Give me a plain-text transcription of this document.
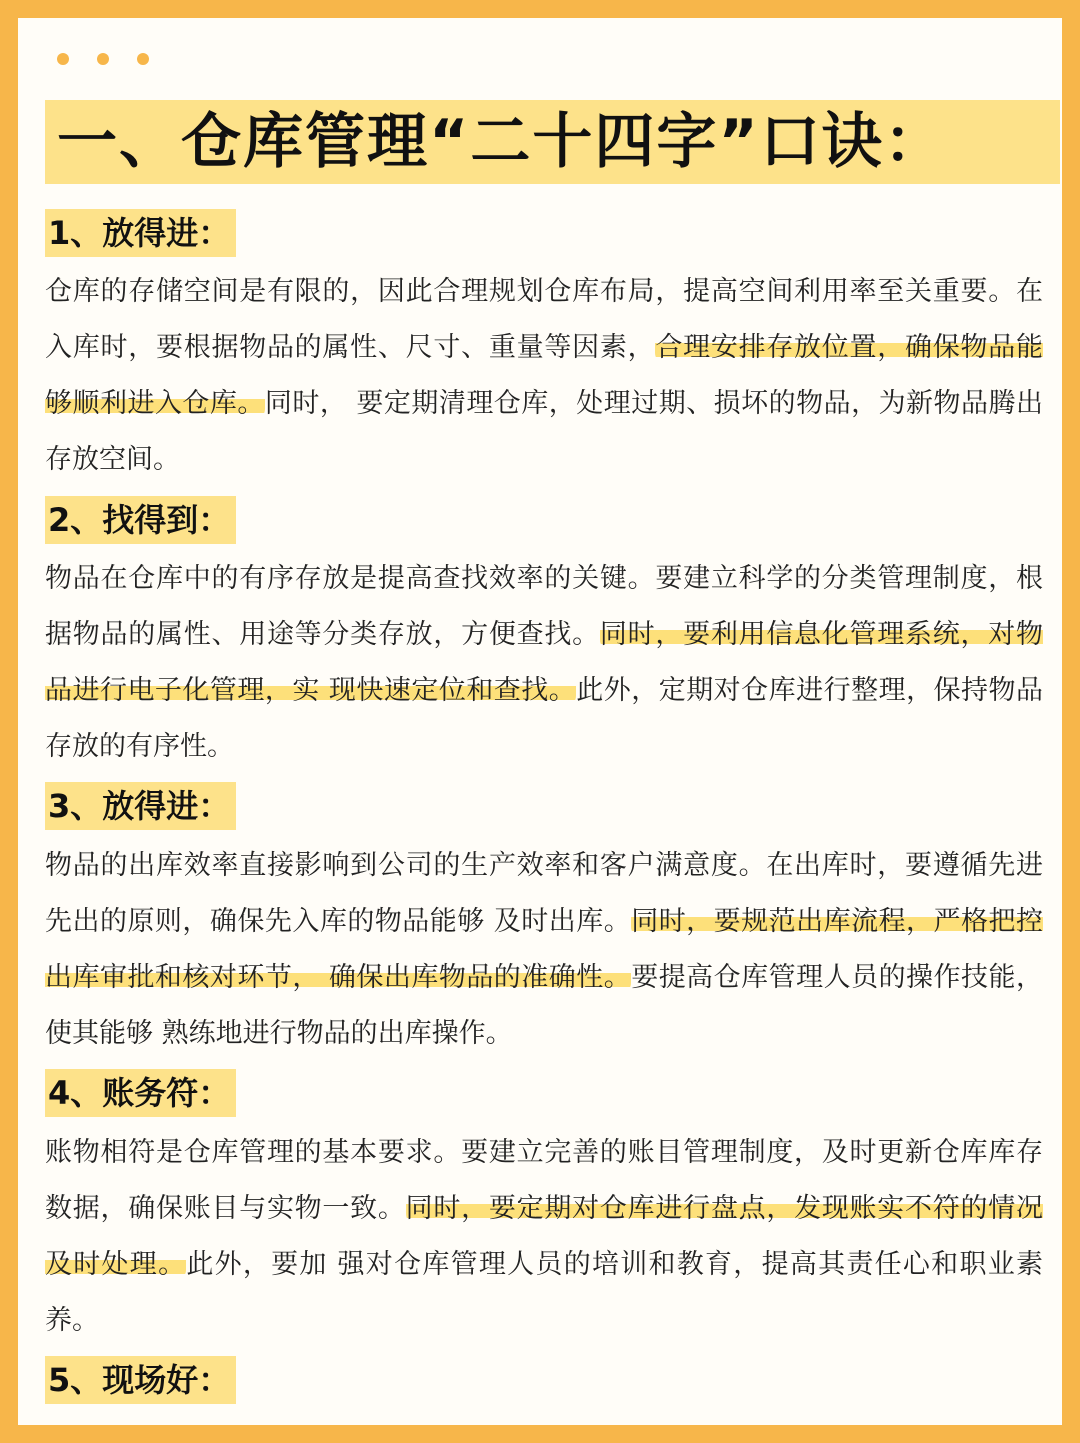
一、仓库管理“二十四字”口诀：
1、放得进：

仓库的存储空间是有限的，因此合理规划仓库布局，提高空间利用率至关重要。在入库时，要根据物品的属性、尺寸、重量等因素，合理安排存放位置，确保物品能够顺利进入仓库。同时， 要定期清理仓库，处理过期、损坏的物品，为新物品腾出存放空间。

2、找得到：

物品在仓库中的有序存放是提高查找效率的关键。要建立科学的分类管理制度，根据物品的属性、用途等分类存放，方便查找。同时，要利用信息化管理系统，对物品进行电子化管理，实 现快速定位和查找。此外，定期对仓库进行整理，保持物品存放的有序性。

3、放得进：

物品的出库效率直接影响到公司的生产效率和客户满意度。在出库时，要遵循先进先出的原则，确保先入库的物品能够 及时出库。同时，要规范出库流程，严格把控出库审批和核对环节， 确保出库物品的准确性。要提高仓库管理人员的操作技能，使其能够 熟练地进行物品的出库操作。

4、账务符：

账物相符是仓库管理的基本要求。要建立完善的账目管理制度，及时更新仓库库存数据，确保账目与实物一致。同时，要定期对仓库进行盘点，发现账实不符的情况及时处理。此外，要加 强对仓库管理人员的培训和教育，提高其责任心和职业素养。

5、现场好：
